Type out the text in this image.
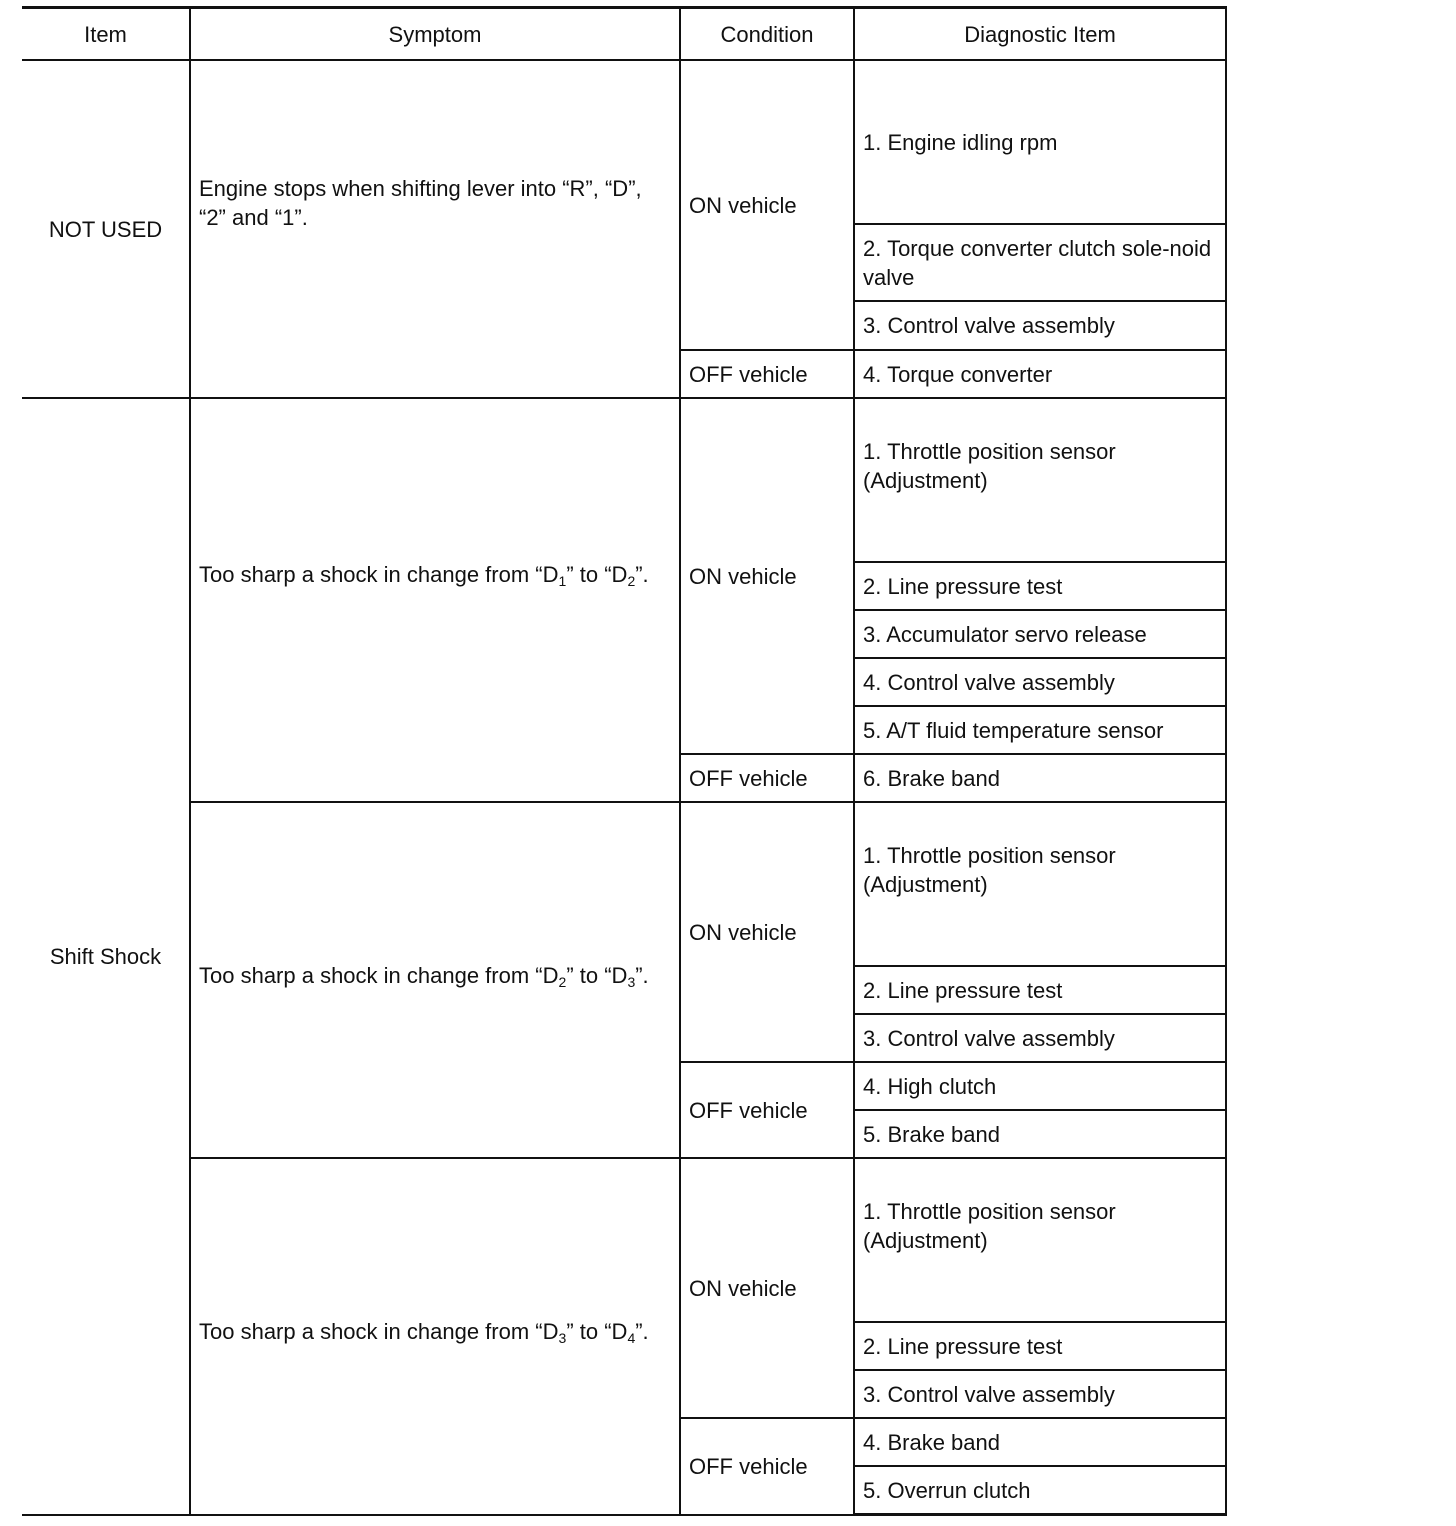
Item	Symptom	Condition	Diagnostic Item
NOT USED	Engine stops when shifting lever into “R”, “D”, “2” and “1”.	ON vehicle	1. Engine idling rpm
			2. Torque converter clutch sole-noid valve
			3. Control valve assembly
		OFF vehicle	4. Torque converter
Shift Shock	Too sharp a shock in change from “$D_1$” to “$D_2$”.	ON vehicle	1. Throttle position sensor (Adjustment)

			2. Line pressure test
			3. Accumulator servo release
			4. Control valve assembly
			5. A/T fluid temperature sensor
		OFF vehicle	6. Brake band

	Too sharp a shock in change from “$D_2$” to “$D_3$”.	ON vehicle	1. Throttle position sensor (Adjustment)

			2. Line pressure test
			3. Control valve assembly
		OFF vehicle	4. High clutch
			5. Brake band

	Too sharp a shock in change from “$D_3$” to “$D_4$”.	ON vehicle	1. Throttle position sensor (Adjustment)

			2. Line pressure test
			3. Control valve assembly
		OFF vehicle	4. Brake band
			5. Overrun clutch
